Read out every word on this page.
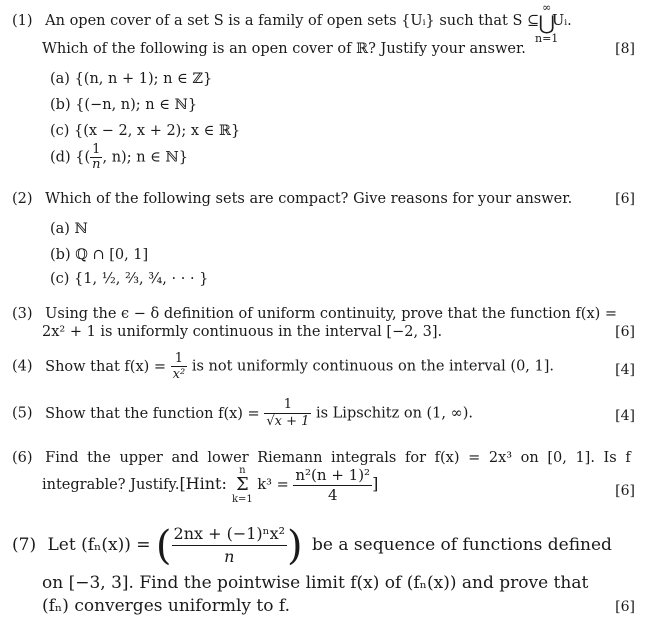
(1) An open cover of a set S is a family of open sets {Uᵢ} such that S ⊆
∞
⋃
n=1
Uᵢ.
Which of the following is an open cover of ℝ? Justify your answer.	[8]
(a) {(n, n + 1); n ∈ ℤ}
(b) {(−n, n); n ∈ ℕ}
(c) {(x − 2, x + 2); x ∈ ℝ}
(d) {( $\frac{1}{n}$ , n); n ∈ ℕ}
(2) Which of the following sets are compact? Give reasons for your answer.	[6]
(a) ℕ
(b) ℚ ∩ [0, 1]
(c) {1, ½, ⅔, ¾, · · · }
(3) Using the ϵ − δ definition of uniform continuity, prove that the function f(x) =
2x² + 1 is uniformly continuous in the interval [−2, 3].	[6]
(4) Show that $f(x) = \frac{1}{\text{x²}}$ is not uniformly continuous on the interval (0, 1].	[4]
(5) Show that the function $f(x) = \frac{1}{√x + 1}$ is Lipschitz on (1, ∞).	[4]
(6) Find the upper and lower Riemann integrals for f(x) = 2x³ on [0, 1]. Is f
integrable? Justify.[Hint:
n
Σ
k=1
$k^3 = \frac{\text{n²(n + 1)²}}{4}$ ]	[6]
(7) Let (fₙ(x)) = ( $\frac{\text{2nx + (−1)ⁿx²}}{n}$ ) be a sequence of functions defined
on [−3, 3]. Find the pointwise limit f(x) of (fₙ(x)) and prove that
(fₙ) converges uniformly to f.	[6]
